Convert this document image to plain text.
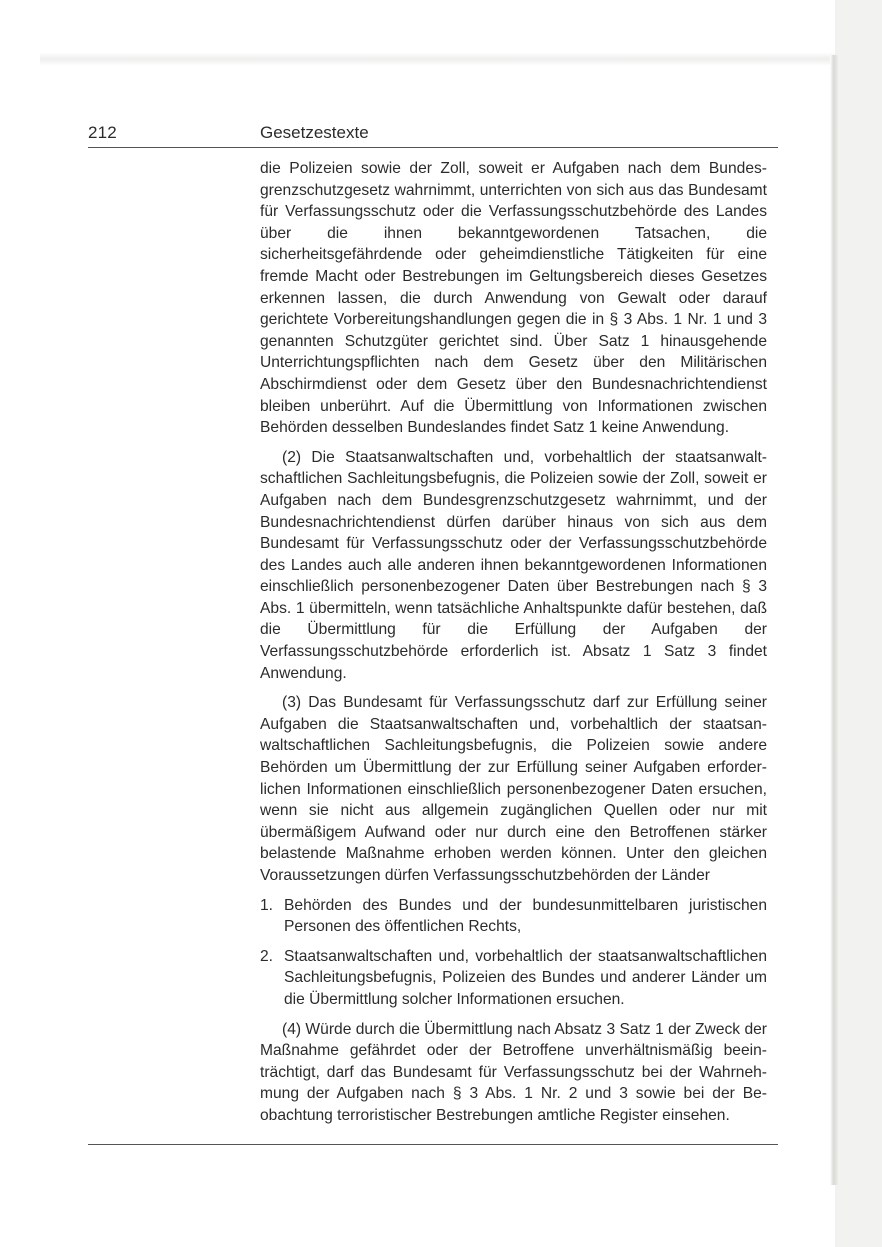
212	Gesetzestexte

die Polizeien sowie der Zoll, soweit er Aufgaben nach dem Bundesgrenzschutzgesetz wahrnimmt, unterrichten von sich aus das Bundesamt für Verfassungsschutz oder die Verfassungsschutzbehörde des Landes über die ihnen bekanntgewordenen Tatsachen, die sicherheitsgefährdende oder geheimdienstliche Tätigkeiten für eine fremde Macht oder Bestrebungen im Geltungsbereich dieses Gesetzes erkennen lassen, die durch Anwendung von Gewalt oder darauf gerichtete Vorbereitungshandlungen gegen die in § 3 Abs. 1 Nr. 1 und 3 genannten Schutzgüter gerichtet sind. Über Satz 1 hinausgehende Unterrichtungspflichten nach dem Gesetz über den Militärischen Abschirmdienst oder dem Gesetz über den Bundesnachrichtendienst bleiben unberührt. Auf die Übermittlung von Informationen zwischen Behörden desselben Bundeslandes findet Satz 1 keine Anwendung.

(2) Die Staatsanwaltschaften und, vorbehaltlich der staatsanwaltschaftlichen Sachleitungsbefugnis, die Polizeien sowie der Zoll, soweit er Aufgaben nach dem Bundesgrenzschutzgesetz wahrnimmt, und der Bundesnachrichtendienst dürfen darüber hinaus von sich aus dem Bundesamt für Verfassungsschutz oder der Verfassungsschutzbehörde des Landes auch alle anderen ihnen bekanntgewordenen Informationen einschließlich personenbezogener Daten über Bestrebungen nach § 3 Abs. 1 übermitteln, wenn tatsächliche Anhaltspunkte dafür bestehen, daß die Übermittlung für die Erfüllung der Aufgaben der Verfassungsschutzbehörde erforderlich ist. Absatz 1 Satz 3 findet Anwendung.

(3) Das Bundesamt für Verfassungsschutz darf zur Erfüllung seiner Aufgaben die Staatsanwaltschaften und, vorbehaltlich der staatsanwaltschaftlichen Sachleitungsbefugnis, die Polizeien sowie andere Behörden um Übermittlung der zur Erfüllung seiner Aufgaben erforderlichen Informationen einschließlich personenbezogener Daten ersuchen, wenn sie nicht aus allgemein zugänglichen Quellen oder nur mit übermäßigem Aufwand oder nur durch eine den Betroffenen stärker belastende Maßnahme erhoben werden können. Unter den gleichen Voraussetzungen dürfen Verfassungsschutzbehörden der Länder

1. Behörden des Bundes und der bundesunmittelbaren juristischen Personen des öffentlichen Rechts,
2. Staatsanwaltschaften und, vorbehaltlich der staatsanwaltschaftlichen Sachleitungsbefugnis, Polizeien des Bundes und anderer Länder um die Übermittlung solcher Informationen ersuchen.

(4) Würde durch die Übermittlung nach Absatz 3 Satz 1 der Zweck der Maßnahme gefährdet oder der Betroffene unverhältnismäßig beeinträchtigt, darf das Bundesamt für Verfassungsschutz bei der Wahrnehmung der Aufgaben nach § 3 Abs. 1 Nr. 2 und 3 sowie bei der Beobachtung terroristischer Bestrebungen amtliche Register einsehen.
